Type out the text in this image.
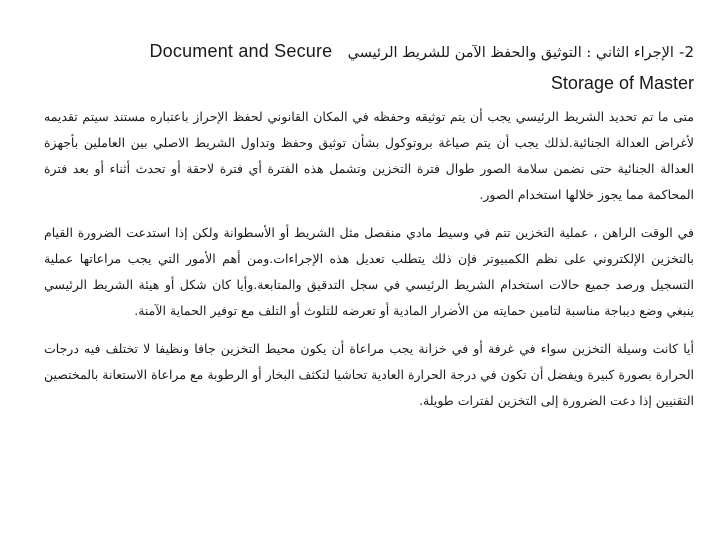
2- الإجراء الثاني : التوثيق والحفظ الآمن للشريط الرئيسي   Document and Secure
Storage of Master

متى ما تم تحديد الشريط الرئيسي يجب أن يتم توثيقه وحفظه في المكان القانوني لحفظ الإحراز باعتباره مستند سيتم تقديمه لأغراض العدالة الجنائية.لذلك يجب أن يتم صياغة بروتوكول بشأن توثيق وحفظ وتداول الشريط الاصلي بين العاملين بأجهزة العدالة الجنائية حتى نضمن سلامة الصور طوال فترة التخزين وتشمل هذه الفترة أي فترة لاحقة أو تحدث أثناء أو بعد فترة المحاكمة مما يجوز خلالها استخدام الصور.

في الوقت الراهن ، عملية التخزين تتم في وسيط مادي منفصل مثل الشريط أو الأسطوانة ولكن إذا استدعت الضرورة القيام بالتخزين الإلكتروني على نظم الكمبيوتر فإن ذلك يتطلب تعديل هذه الإجراءات.ومن أهم الأمور التي يجب مراعاتها عملية التسجيل ورصد جميع حالات استخدام الشريط الرئيسي في سجل التدقيق والمتابعة.وأيا كان شكل أو هيئة الشريط الرئيسي ينبغي وضع ديباجة مناسبة لتامين حمايته من الأضرار المادية أو تعرضه للتلوث أو التلف مع توفير الحماية الآمنة.

أيا كانت وسيلة التخزين سواء في غرفة أو في خزانة يجب مراعاة أن يكون محيط التخزين جافا ونظيفا لا تختلف فيه درجات الحرارة بصورة كبيرة ويفضل أن تكون في درجة الحرارة العادية تحاشيا لتكثف البخار أو الرطوبة مع مراعاة الاستعانة بالمختصين التقنيين إذا دعت الضرورة إلى التخزين لفترات طويلة.
